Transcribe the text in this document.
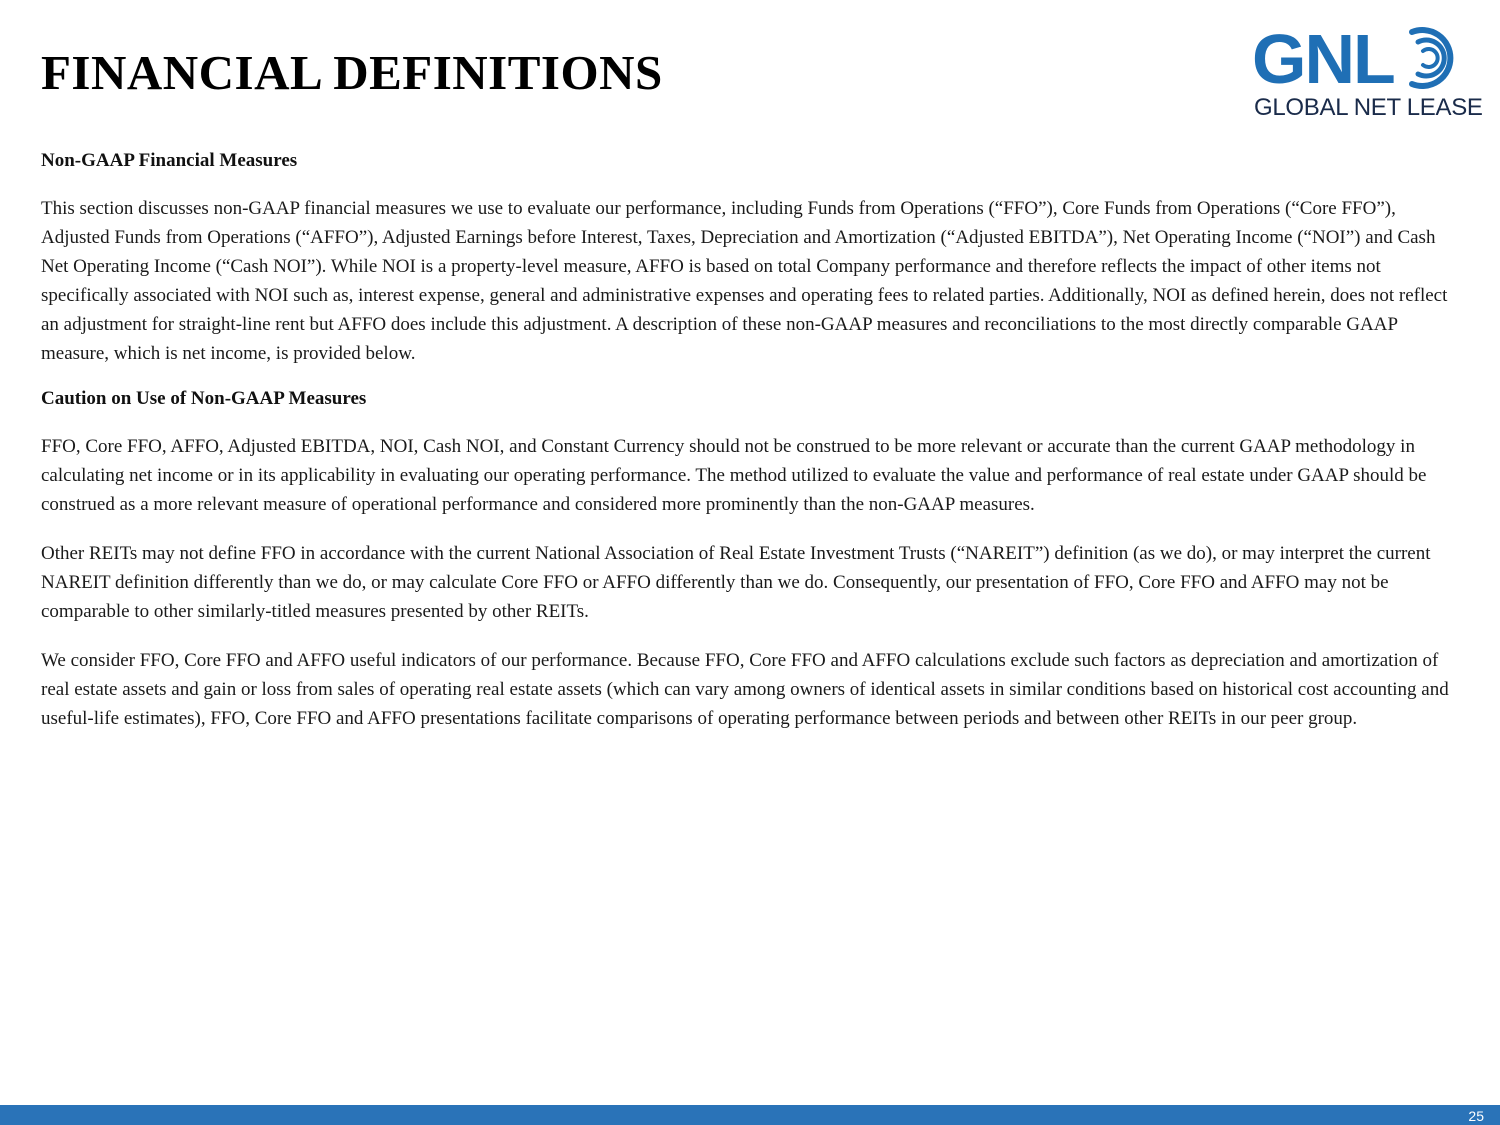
FINANCIAL DEFINITIONS	GNL
GLOBAL NET LEASE
Non-GAAP Financial Measures

This section discusses non-GAAP financial measures we use to evaluate our performance, including Funds from Operations (“FFO”), Core Funds from Operations (“Core FFO”), Adjusted Funds from Operations (“AFFO”), Adjusted Earnings before Interest, Taxes, Depreciation and Amortization (“Adjusted EBITDA”), Net Operating Income (“NOI”) and Cash Net Operating Income (“Cash NOI”). While NOI is a property-level measure, AFFO is based on total Company performance and therefore reflects the impact of other items not specifically associated with NOI such as, interest expense, general and administrative expenses and operating fees to related parties. Additionally, NOI as defined herein, does not reflect an adjustment for straight-line rent but AFFO does include this adjustment. A description of these non-GAAP measures and reconciliations to the most directly comparable GAAP measure, which is net income, is provided below.

Caution on Use of Non-GAAP Measures

FFO, Core FFO, AFFO, Adjusted EBITDA, NOI, Cash NOI, and Constant Currency should not be construed to be more relevant or accurate than the current GAAP methodology in calculating net income or in its applicability in evaluating our operating performance. The method utilized to evaluate the value and performance of real estate under GAAP should be construed as a more relevant measure of operational performance and considered more prominently than the non-GAAP measures.

Other REITs may not define FFO in accordance with the current National Association of Real Estate Investment Trusts (“NAREIT”) definition (as we do), or may interpret the current NAREIT definition differently than we do, or may calculate Core FFO or AFFO differently than we do. Consequently, our presentation of FFO, Core FFO and AFFO may not be comparable to other similarly-titled measures presented by other REITs.

We consider FFO, Core FFO and AFFO useful indicators of our performance. Because FFO, Core FFO and AFFO calculations exclude such factors as depreciation and amortization of real estate assets and gain or loss from sales of operating real estate assets (which can vary among owners of identical assets in similar conditions based on historical cost accounting and useful-life estimates), FFO, Core FFO and AFFO presentations facilitate comparisons of operating performance between periods and between other REITs in our peer group.

25
